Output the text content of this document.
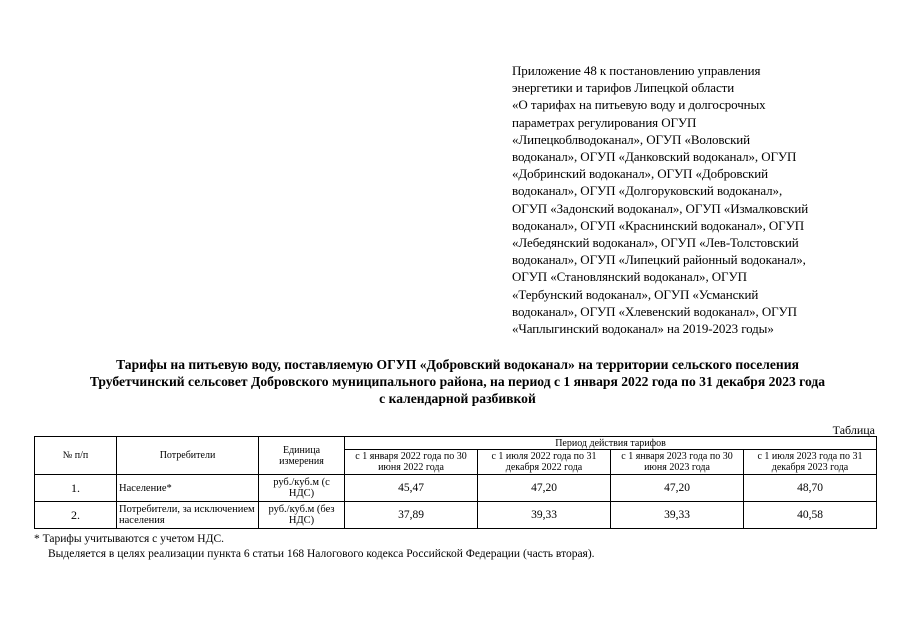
Приложение 48 к постановлению управления
энергетики и тарифов Липецкой области
«О тарифах на питьевую воду и долгосрочных
параметрах регулирования ОГУП
«Липецкоблводоканал», ОГУП «Воловский
водоканал», ОГУП «Данковский водоканал», ОГУП
«Добринский водоканал», ОГУП «Добровский
водоканал», ОГУП «Долгоруковский водоканал»,
ОГУП «Задонский водоканал», ОГУП «Измалковский
водоканал», ОГУП «Краснинский водоканал», ОГУП
«Лебедянский водоканал», ОГУП «Лев-Толстовский
водоканал», ОГУП «Липецкий районный водоканал»,
ОГУП «Становлянский водоканал», ОГУП
«Тербунский водоканал», ОГУП «Усманский
водоканал», ОГУП «Хлевенский водоканал», ОГУП
«Чаплыгинский водоканал» на 2019-2023 годы»
Тарифы на питьевую воду, поставляемую ОГУП «Добровский водоканал» на территории сельского поселения
Трубетчинский сельсовет Добровского муниципального района, на период с 1 января 2022 года по 31 декабря 2023 года
с календарной разбивкой
Таблица
№ п/п	Потребители	Единица измерения	Период действия тарифов			
			с 1 января 2022 года по 30 июня 2022 года	с 1 июля 2022 года по 31 декабря 2022 года	с 1 января 2023 года по 30 июня 2023 года	с 1 июля 2023 года по 31 декабря 2023 года
1.	Население*	руб./куб.м (с НДС)	45,47	47,20	47,20	48,70
2.	Потребители, за исключением населения	руб./куб.м (без НДС)	37,89	39,33	39,33	40,58
* Тарифы учитываются с учетом НДС.
Выделяется в целях реализации пункта 6 статьи 168 Налогового кодекса Российской Федерации (часть вторая).
